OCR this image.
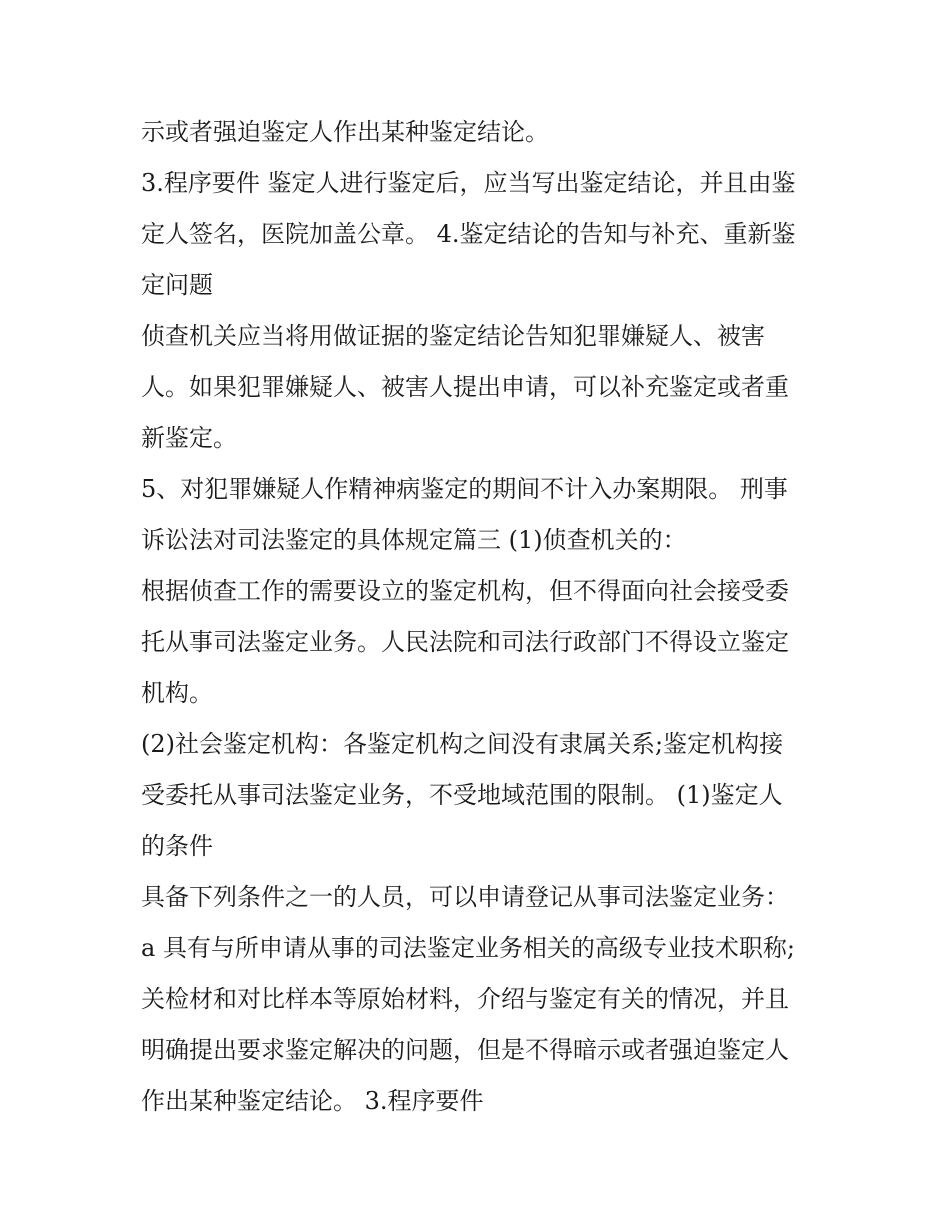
示或者强迫鉴定人作出某种鉴定结论。
3.程序要件 鉴定人进行鉴定后，应当写出鉴定结论，并且由鉴
定人签名，医院加盖公章。 4.鉴定结论的告知与补充、重新鉴
定问题
侦查机关应当将用做证据的鉴定结论告知犯罪嫌疑人、被害
人。如果犯罪嫌疑人、被害人提出申请，可以补充鉴定或者重
新鉴定。
5、对犯罪嫌疑人作精神病鉴定的期间不计入办案期限。 刑事
诉讼法对司法鉴定的具体规定篇三 (1)侦查机关的：
根据侦查工作的需要设立的鉴定机构，但不得面向社会接受委
托从事司法鉴定业务。人民法院和司法行政部门不得设立鉴定
机构。
(2)社会鉴定机构：各鉴定机构之间没有隶属关系;鉴定机构接
受委托从事司法鉴定业务，不受地域范围的限制。 (1)鉴定人
的条件
具备下列条件之一的人员，可以申请登记从事司法鉴定业务：
a 具有与所申请从事的司法鉴定业务相关的高级专业技术职称;
关检材和对比样本等原始材料，介绍与鉴定有关的情况，并且
明确提出要求鉴定解决的问题，但是不得暗示或者强迫鉴定人
作出某种鉴定结论。 3.程序要件
